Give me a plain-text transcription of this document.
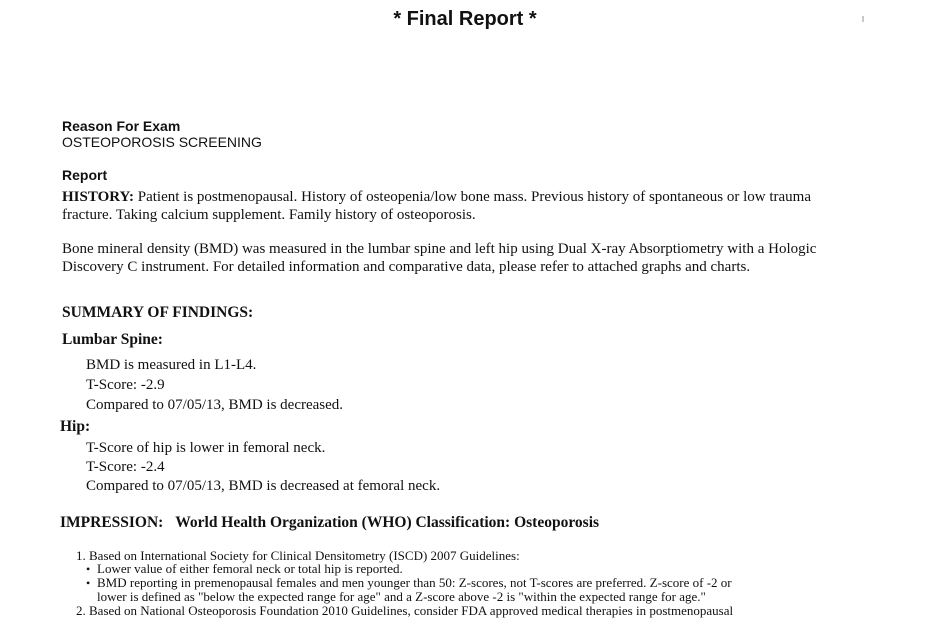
* Final Report *
Reason For Exam
OSTEOPOROSIS SCREENING
Report
HISTORY: Patient is postmenopausal. History of osteopenia/low bone mass. Previous history of spontaneous or low trauma fracture. Taking calcium supplement. Family history of osteoporosis.
Bone mineral density (BMD) was measured in the lumbar spine and left hip using Dual X-ray Absorptiometry with a Hologic Discovery C instrument. For detailed information and comparative data, please refer to attached graphs and charts.
SUMMARY OF FINDINGS:
Lumbar Spine:
BMD is measured in L1-L4.
T-Score: -2.9
Compared to 07/05/13, BMD is decreased.
Hip:
T-Score of hip is lower in femoral neck.
T-Score: -2.4
Compared to 07/05/13, BMD is decreased at femoral neck.
IMPRESSION: World Health Organization (WHO) Classification: Osteoporosis
1. Based on International Society for Clinical Densitometry (ISCD) 2007 Guidelines:
• Lower value of either femoral neck or total hip is reported.
• BMD reporting in premenopausal females and men younger than 50: Z-scores, not T-scores are preferred. Z-score of -2 or
lower is defined as "below the expected range for age" and a Z-score above -2 is "within the expected range for age."
2. Based on National Osteoporosis Foundation 2010 Guidelines, consider FDA approved medical therapies in postmenopausal
